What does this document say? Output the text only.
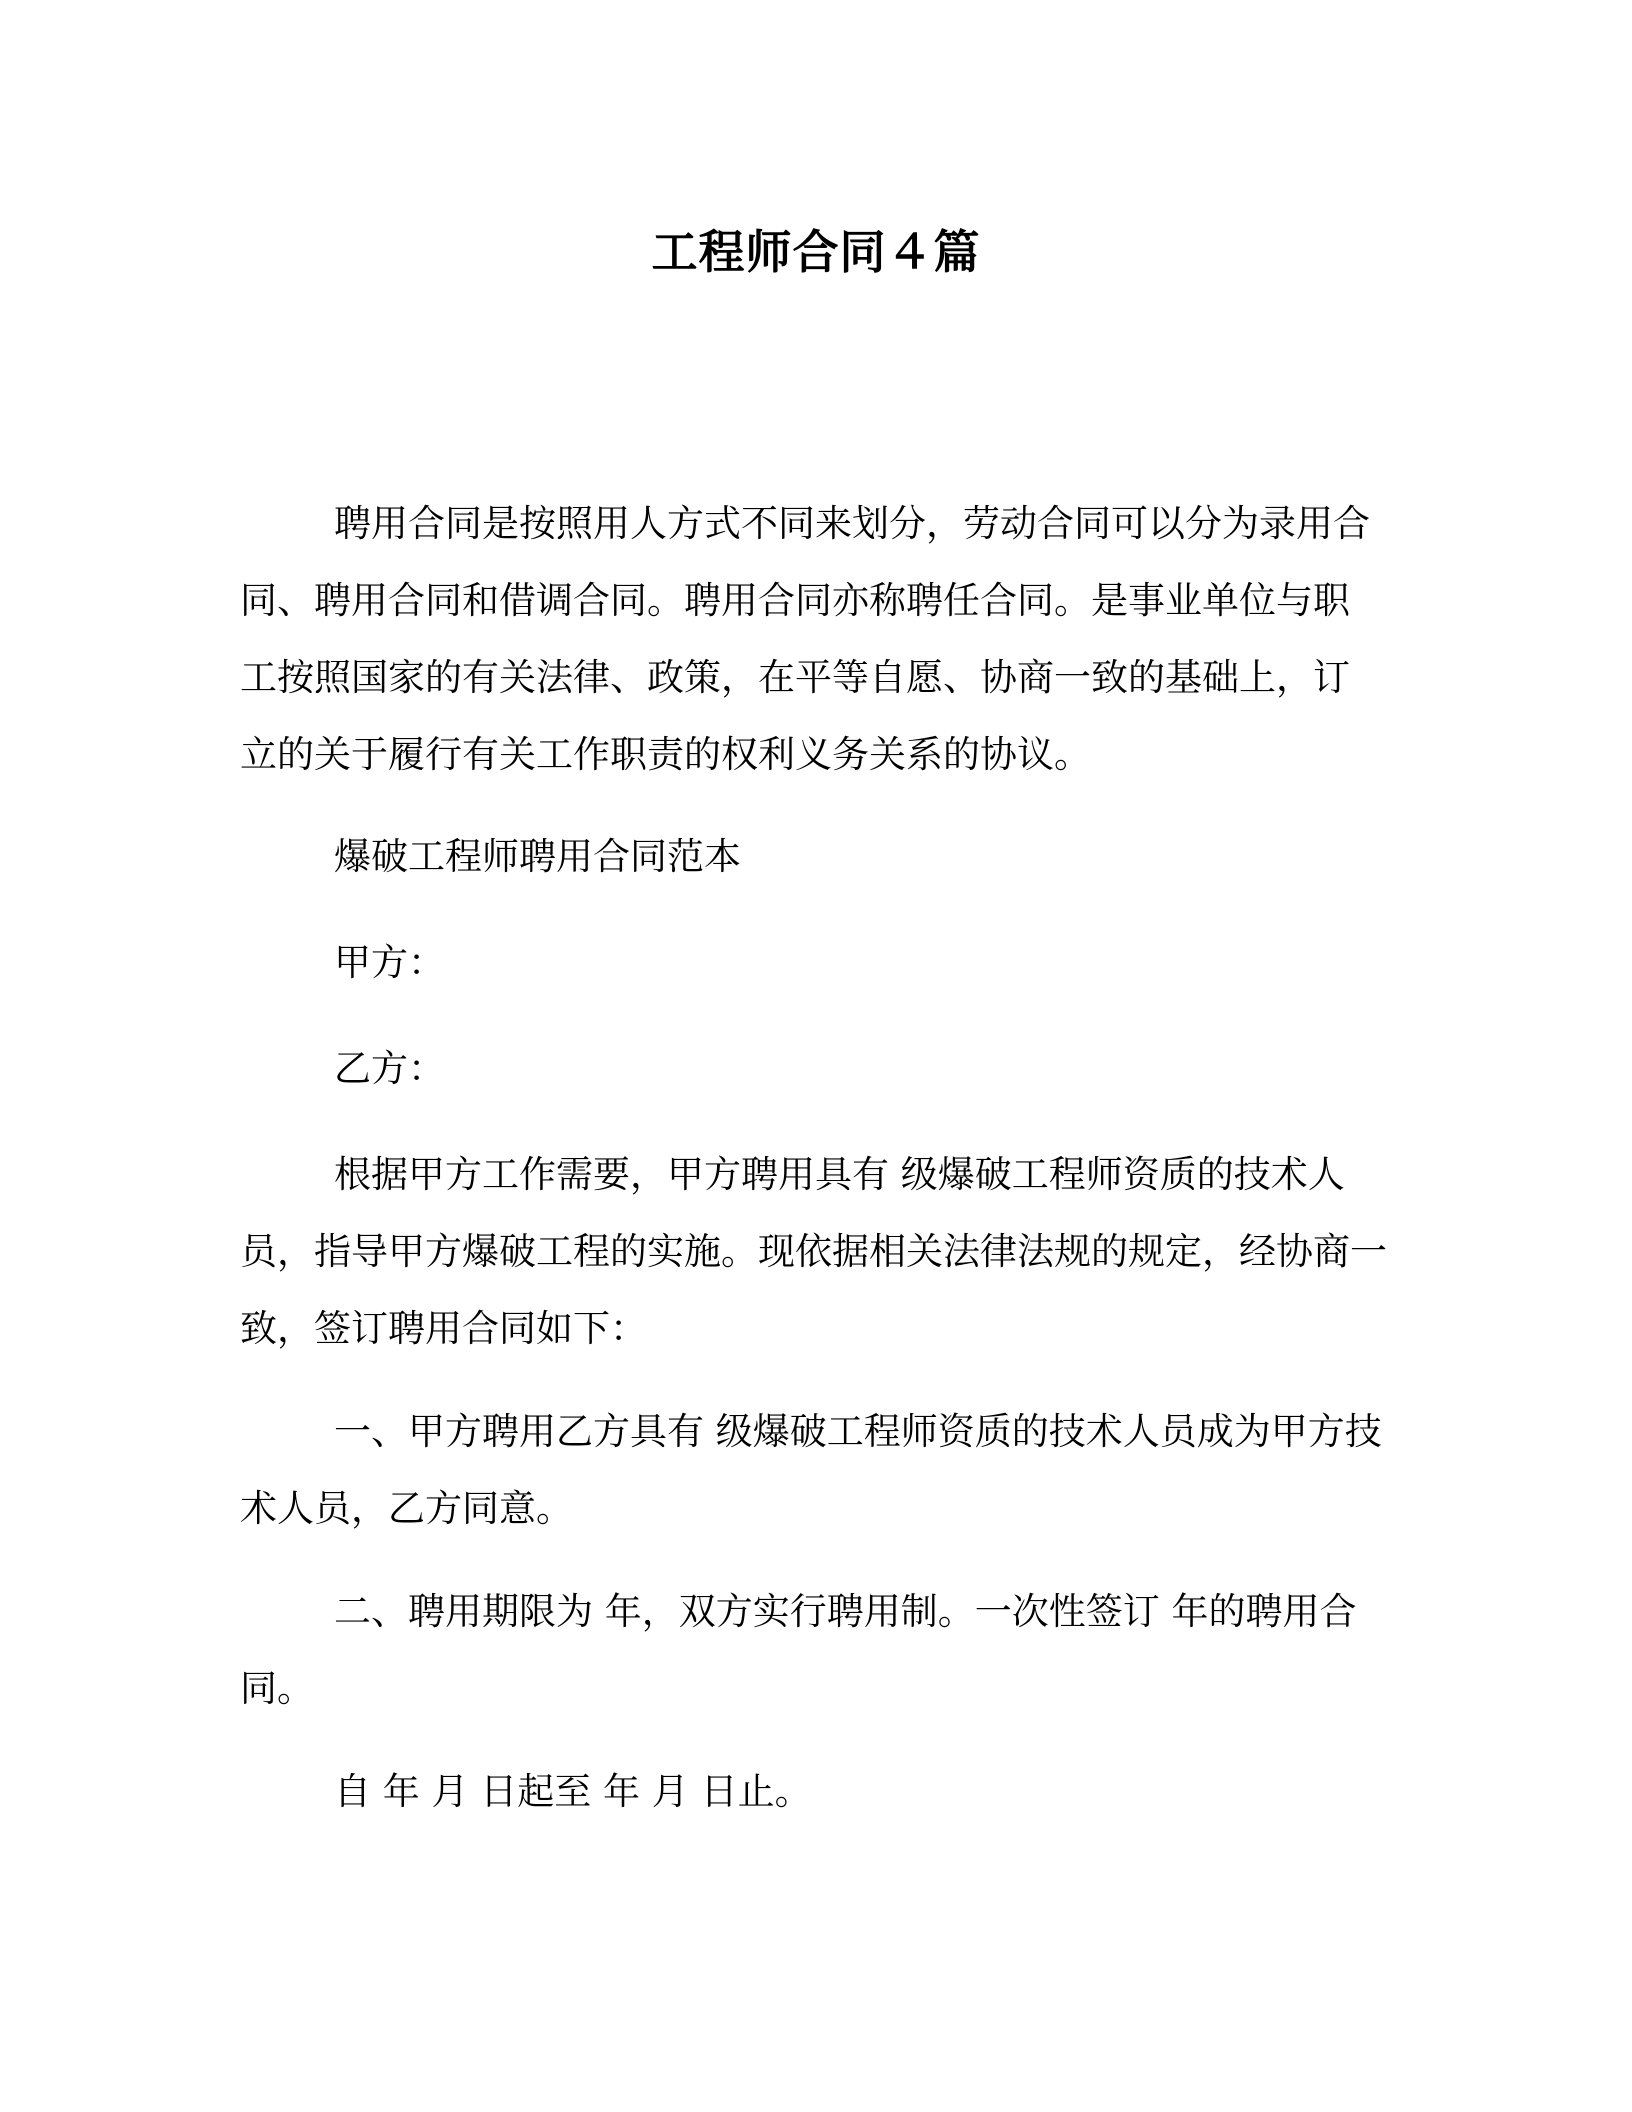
工程师合同４篇

聘用合同是按照用人方式不同来划分，劳动合同可以分为录用合同、聘用合同和借调合同。聘用合同亦称聘任合同。是事业单位与职工按照国家的有关法律、政策，在平等自愿、协商一致的基础上，订立的关于履行有关工作职责的权利义务关系的协议。

爆破工程师聘用合同范本

甲方：

乙方：

根据甲方工作需要，甲方聘用具有 级爆破工程师资质的技术人员，指导甲方爆破工程的实施。现依据相关法律法规的规定，经协商一致，签订聘用合同如下：

一、甲方聘用乙方具有 级爆破工程师资质的技术人员成为甲方技术人员，乙方同意。

二、聘用期限为 年，双方实行聘用制。一次性签订 年的聘用合同。

自 年 月 日起至 年 月 日止。
